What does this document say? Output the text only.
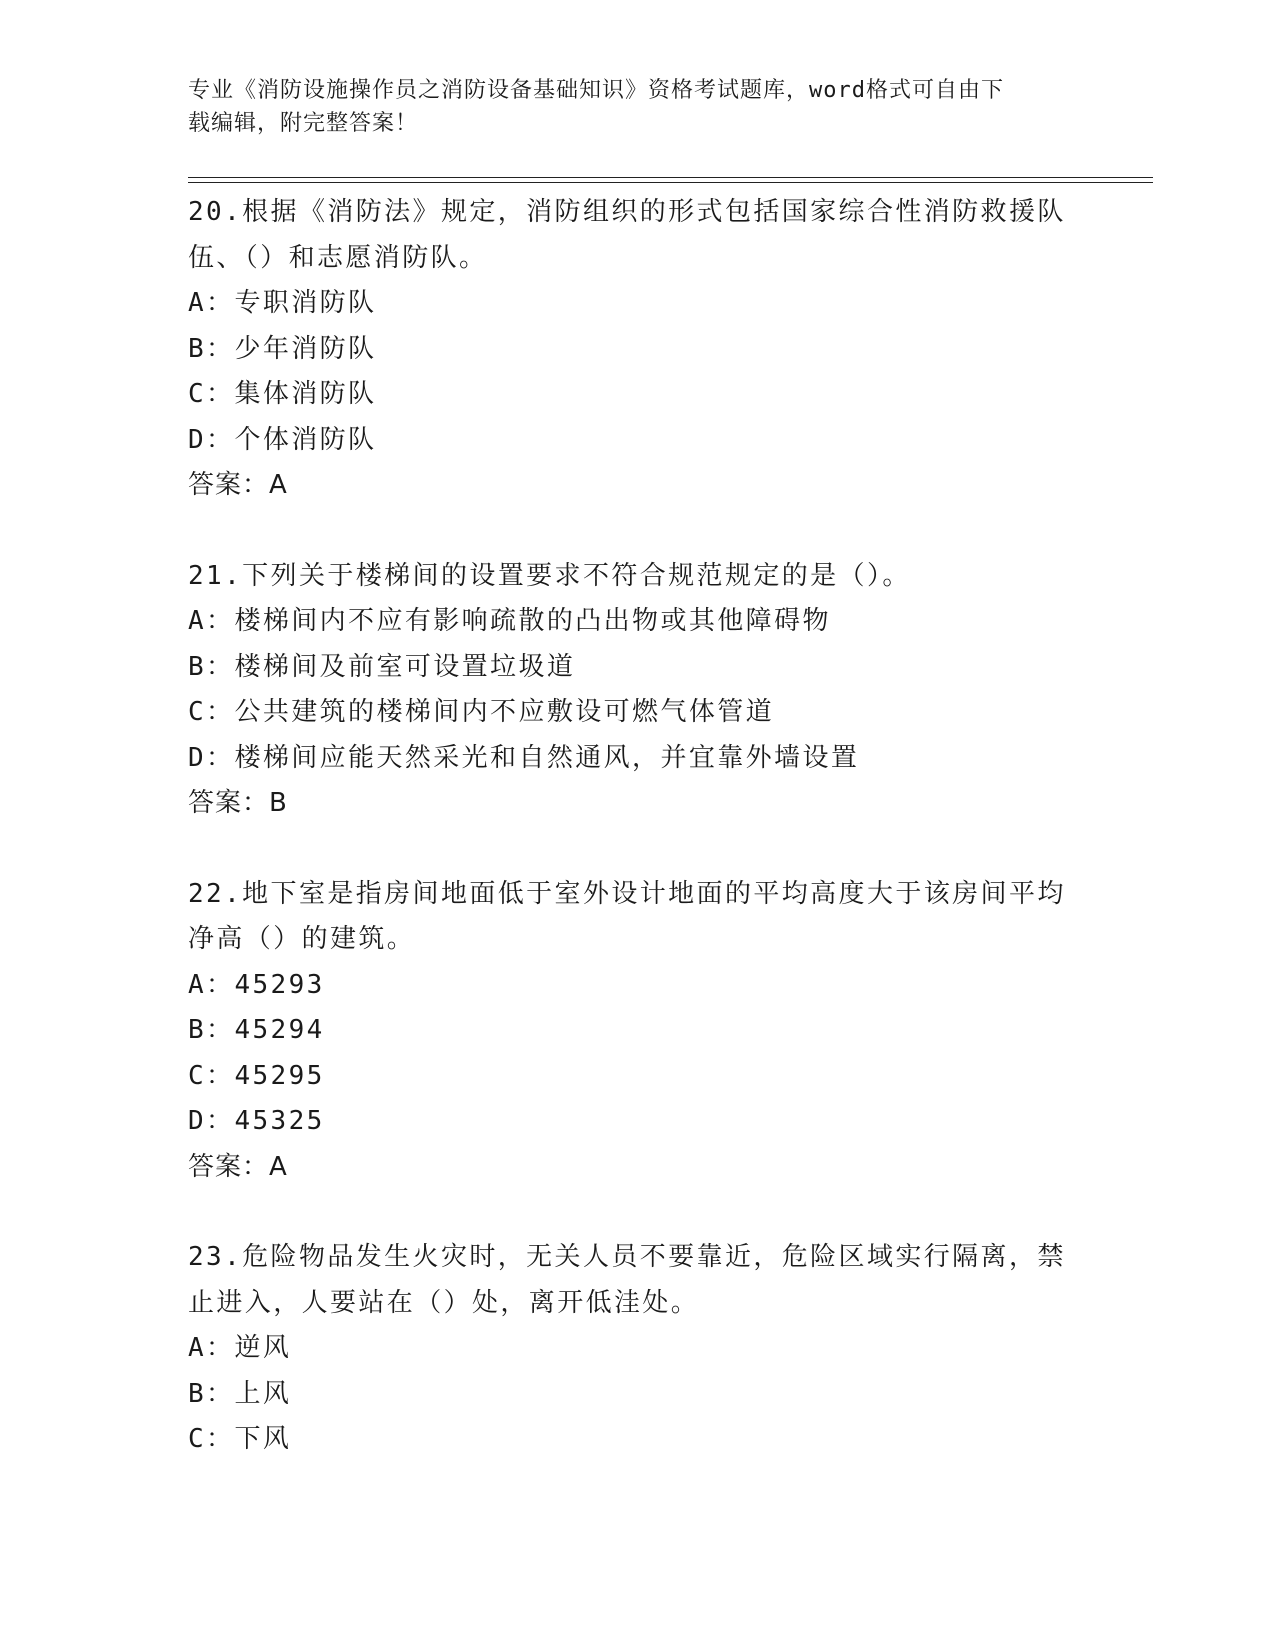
专业《消防设施操作员之消防设备基础知识》资格考试题库，word格式可自由下
载编辑，附完整答案！

20.根据《消防法》规定，消防组织的形式包括国家综合性消防救援队伍、（）和志愿消防队。

A：专职消防队

B：少年消防队

C：集体消防队

D：个体消防队

答案：A

21.下列关于楼梯间的设置要求不符合规范规定的是（）。

A：楼梯间内不应有影响疏散的凸出物或其他障碍物

B：楼梯间及前室可设置垃圾道

C：公共建筑的楼梯间内不应敷设可燃气体管道

D：楼梯间应能天然采光和自然通风，并宜靠外墙设置

答案：B

22.地下室是指房间地面低于室外设计地面的平均高度大于该房间平均净高（）的建筑。

A：45293

B：45294

C：45295

D：45325

答案：A

23.危险物品发生火灾时，无关人员不要靠近，危险区域实行隔离，禁止进入，人要站在（）处，离开低洼处。

A：逆风

B：上风

C：下风
